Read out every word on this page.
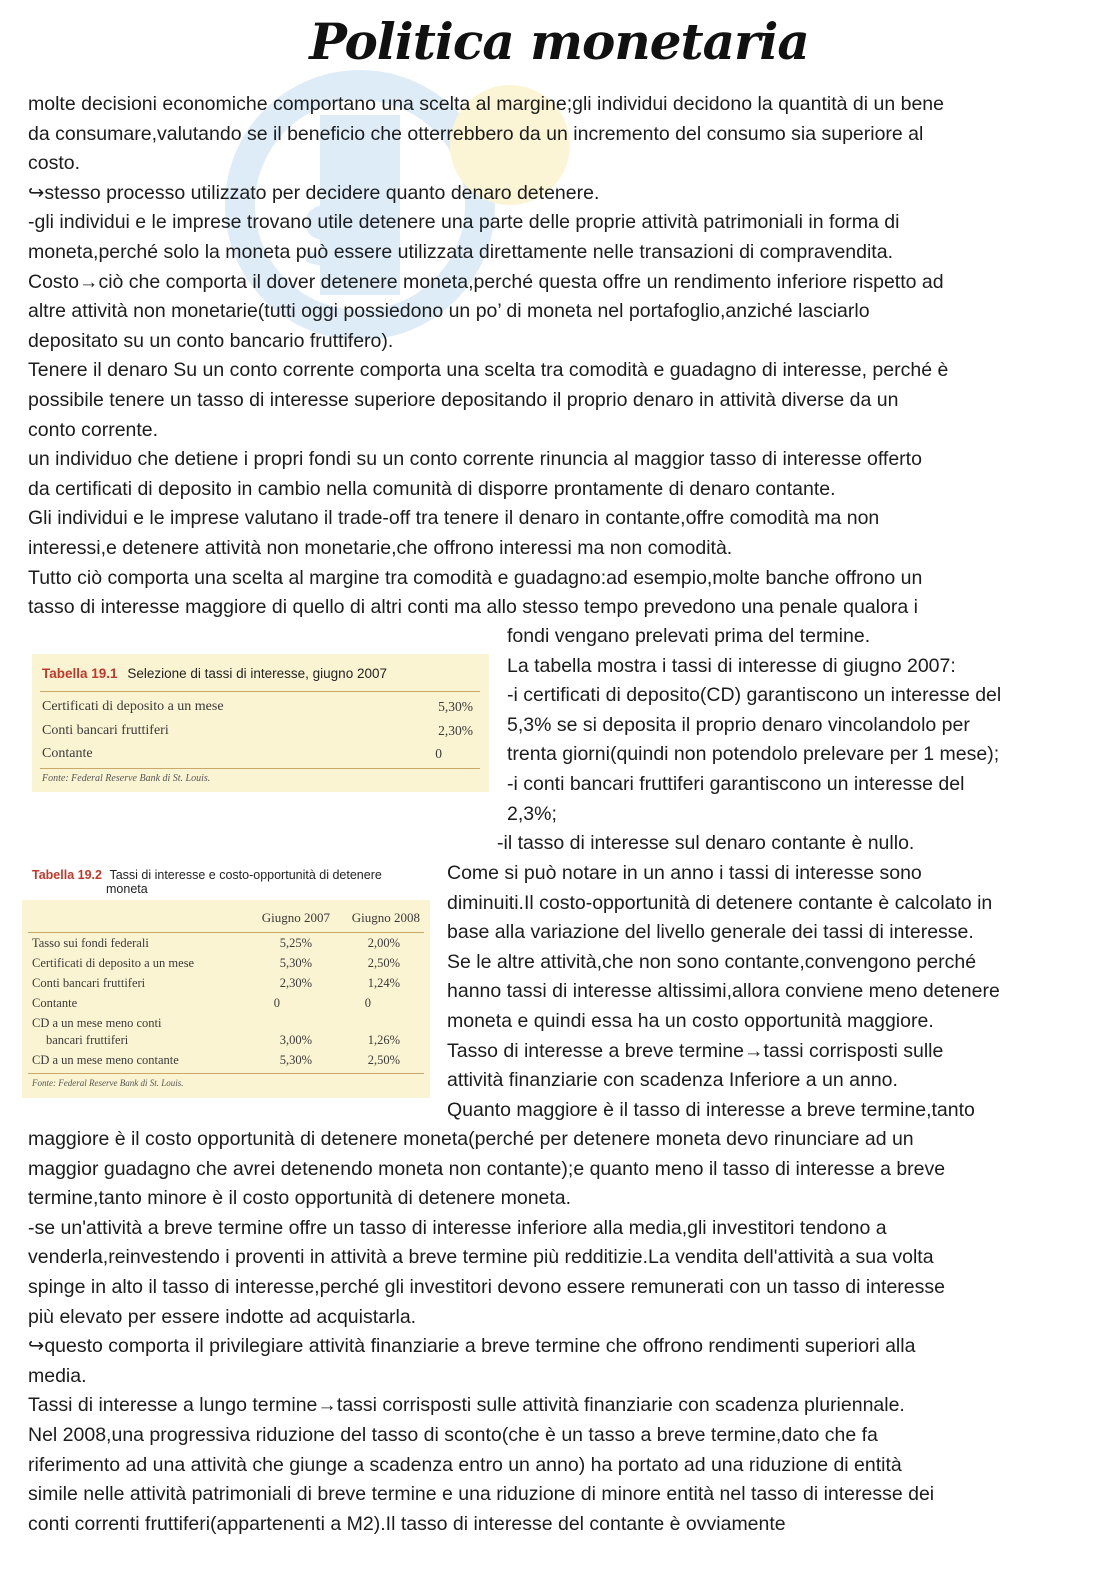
S
Politica monetaria
molte decisioni economiche comportano una scelta al margine;gli individui decidono la quantità di un bene
da consumare,valutando se il beneficio che otterrebbero da un incremento del consumo sia superiore al
costo.
↪stesso processo utilizzato per decidere quanto denaro detenere.
-gli individui e le imprese trovano utile detenere una parte delle proprie attività patrimoniali in forma di
moneta,perché solo la moneta può essere utilizzata direttamente nelle transazioni di compravendita.
Costo→ciò che comporta il dover detenere moneta,perché questa offre un rendimento inferiore rispetto ad
altre attività non monetarie(tutti oggi possiedono un po’ di moneta nel portafoglio,anziché lasciarlo
depositato su un conto bancario fruttifero).
Tenere il denaro Su un conto corrente comporta una scelta tra comodità e guadagno di interesse, perché è
possibile tenere un tasso di interesse superiore depositando il proprio denaro in attività diverse da un
conto corrente.
un individuo che detiene i propri fondi su un conto corrente rinuncia al maggior tasso di interesse offerto
da certificati di deposito in cambio nella comunità di disporre prontamente di denaro contante.
Gli individui e le imprese valutano il trade-off tra tenere il denaro in contante,offre comodità ma non
interessi,e detenere attività non monetarie,che offrono interessi ma non comodità.
Tutto ciò comporta una scelta al margine tra comodità e guadagno:ad esempio,molte banche offrono un
tasso di interesse maggiore di quello di altri conti ma allo stesso tempo prevedono una penale qualora i
Tabella 19.1 Selezione di tassi di interesse, giugno 2007
Certificati di deposito a un mese	5,30%
Conti bancari fruttiferi	2,30%
Contante	0
Fonte: Federal Reserve Bank di St. Louis.
Tabella 19.2 Tassi di interesse e costo-opportunità di detenere
moneta
Giugno 2007	Giugno 2008
Tasso sui fondi federali	5,25%	2,00%
Certificati di deposito a un mese	5,30%	2,50%
Conti bancari fruttiferi	2,30%	1,24%
Contante	0	0
CD a un mese meno conti
bancari fruttiferi	3,00%	1,26%
CD a un mese meno contante	5,30%	2,50%
Fonte: Federal Reserve Bank di St. Louis.
fondi vengano prelevati prima del termine.
La tabella mostra i tassi di interesse di giugno 2007:
-i certificati di deposito(CD) garantiscono un interesse del
5,3% se si deposita il proprio denaro vincolandolo per
trenta giorni(quindi non potendolo prelevare per 1 mese);
-i conti bancari fruttiferi garantiscono un interesse del
2,3%;
-il tasso di interesse sul denaro contante è nullo.
Come si può notare in un anno i tassi di interesse sono
diminuiti.Il costo-opportunità di detenere contante è calcolato in
base alla variazione del livello generale dei tassi di interesse.
Se le altre attività,che non sono contante,convengono perché
hanno tassi di interesse altissimi,allora conviene meno detenere
moneta e quindi essa ha un costo opportunità maggiore.
Tasso di interesse a breve termine→tassi corrisposti sulle
attività finanziarie con scadenza Inferiore a un anno.
Quanto maggiore è il tasso di interesse a breve termine,tanto
maggiore è il costo opportunità di detenere moneta(perché per detenere moneta devo rinunciare ad un
maggior guadagno che avrei detenendo moneta non contante);e quanto meno il tasso di interesse a breve
termine,tanto minore è il costo opportunità di detenere moneta.
-se un'attività a breve termine offre un tasso di interesse inferiore alla media,gli investitori tendono a
venderla,reinvestendo i proventi in attività a breve termine più redditizie.La vendita dell'attività a sua volta
spinge in alto il tasso di interesse,perché gli investitori devono essere remunerati con un tasso di interesse
più elevato per essere indotte ad acquistarla.
↪questo comporta il privilegiare attività finanziarie a breve termine che offrono rendimenti superiori alla
media.
Tassi di interesse a lungo termine→tassi corrisposti sulle attività finanziarie con scadenza pluriennale.
Nel 2008,una progressiva riduzione del tasso di sconto(che è un tasso a breve termine,dato che fa
riferimento ad una attività che giunge a scadenza entro un anno) ha portato ad una riduzione di entità
simile nelle attività patrimoniali di breve termine e una riduzione di minore entità nel tasso di interesse dei
conti correnti fruttiferi(appartenenti a M2).Il tasso di interesse del contante è ovviamente
